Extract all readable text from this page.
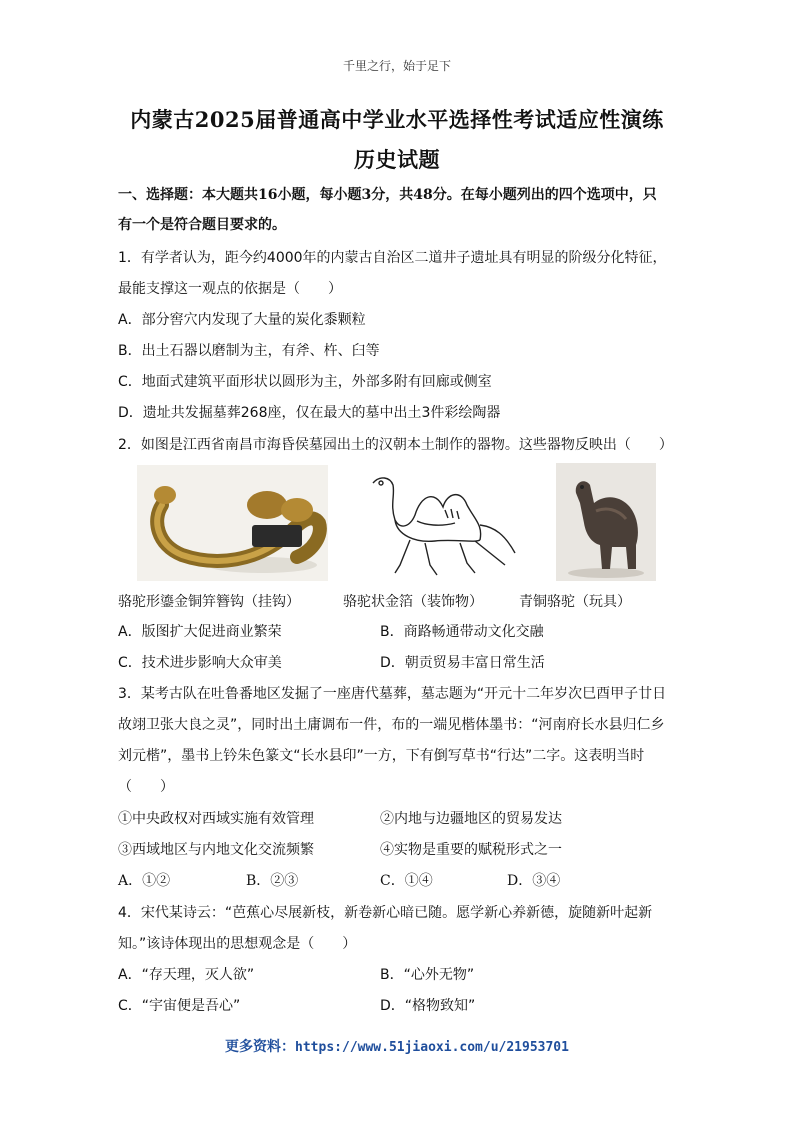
千里之行，始于足下
内蒙古2025届普通高中学业水平选择性考试适应性演练
历史试题
一、选择题：本大题共16小题，每小题3分，共48分。在每小题列出的四个选项中，只
有一个是符合题目要求的。
1．有学者认为，距今约4000年的内蒙古自治区二道井子遗址具有明显的阶级分化特征，
最能支撑这一观点的依据是（　　）
A．部分窖穴内发现了大量的炭化黍颗粒
B．出土石器以磨制为主，有斧、杵、臼等
C．地面式建筑平面形状以圆形为主，外部多附有回廊或侧室
D．遗址共发掘墓葬268座，仅在最大的墓中出土3件彩绘陶器
2．如图是江西省南昌市海昏侯墓园出土的汉朝本土制作的器物。这些器物反映出（　　）
骆驼形鎏金铜笄簪钩（挂钩）	骆驼状金箔（装饰物）	青铜骆驼（玩具）
A．版图扩大促进商业繁荣	B．商路畅通带动文化交融
C．技术进步影响大众审美	D．朝贡贸易丰富日常生活
3．某考古队在吐鲁番地区发掘了一座唐代墓葬，墓志题为“开元十二年岁次巳酉甲子廿日
故翊卫张大良之灵”，同时出土庸调布一件，布的一端见楷体墨书：“河南府长水县归仁乡
刘元楷”，墨书上钤朱色篆文“长水县印”一方，下有倒写草书“行达”二字。这表明当时
（　　）
①中央政权对西域实施有效管理	②内地与边疆地区的贸易发达
③西域地区与内地文化交流频繁	④实物是重要的赋税形式之一
A．①②	B．②③	C．①④	D．③④
4．宋代某诗云：“芭蕉心尽展新枝，新卷新心暗已随。愿学新心养新德，旋随新叶起新
知。”该诗体现出的思想观念是（　　）
A．“存天理，灭人欲”	B．“心外无物”
C．“宇宙便是吾心”	D．“格物致知”
更多资料：https://www.51jiaoxi.com/u/21953701
